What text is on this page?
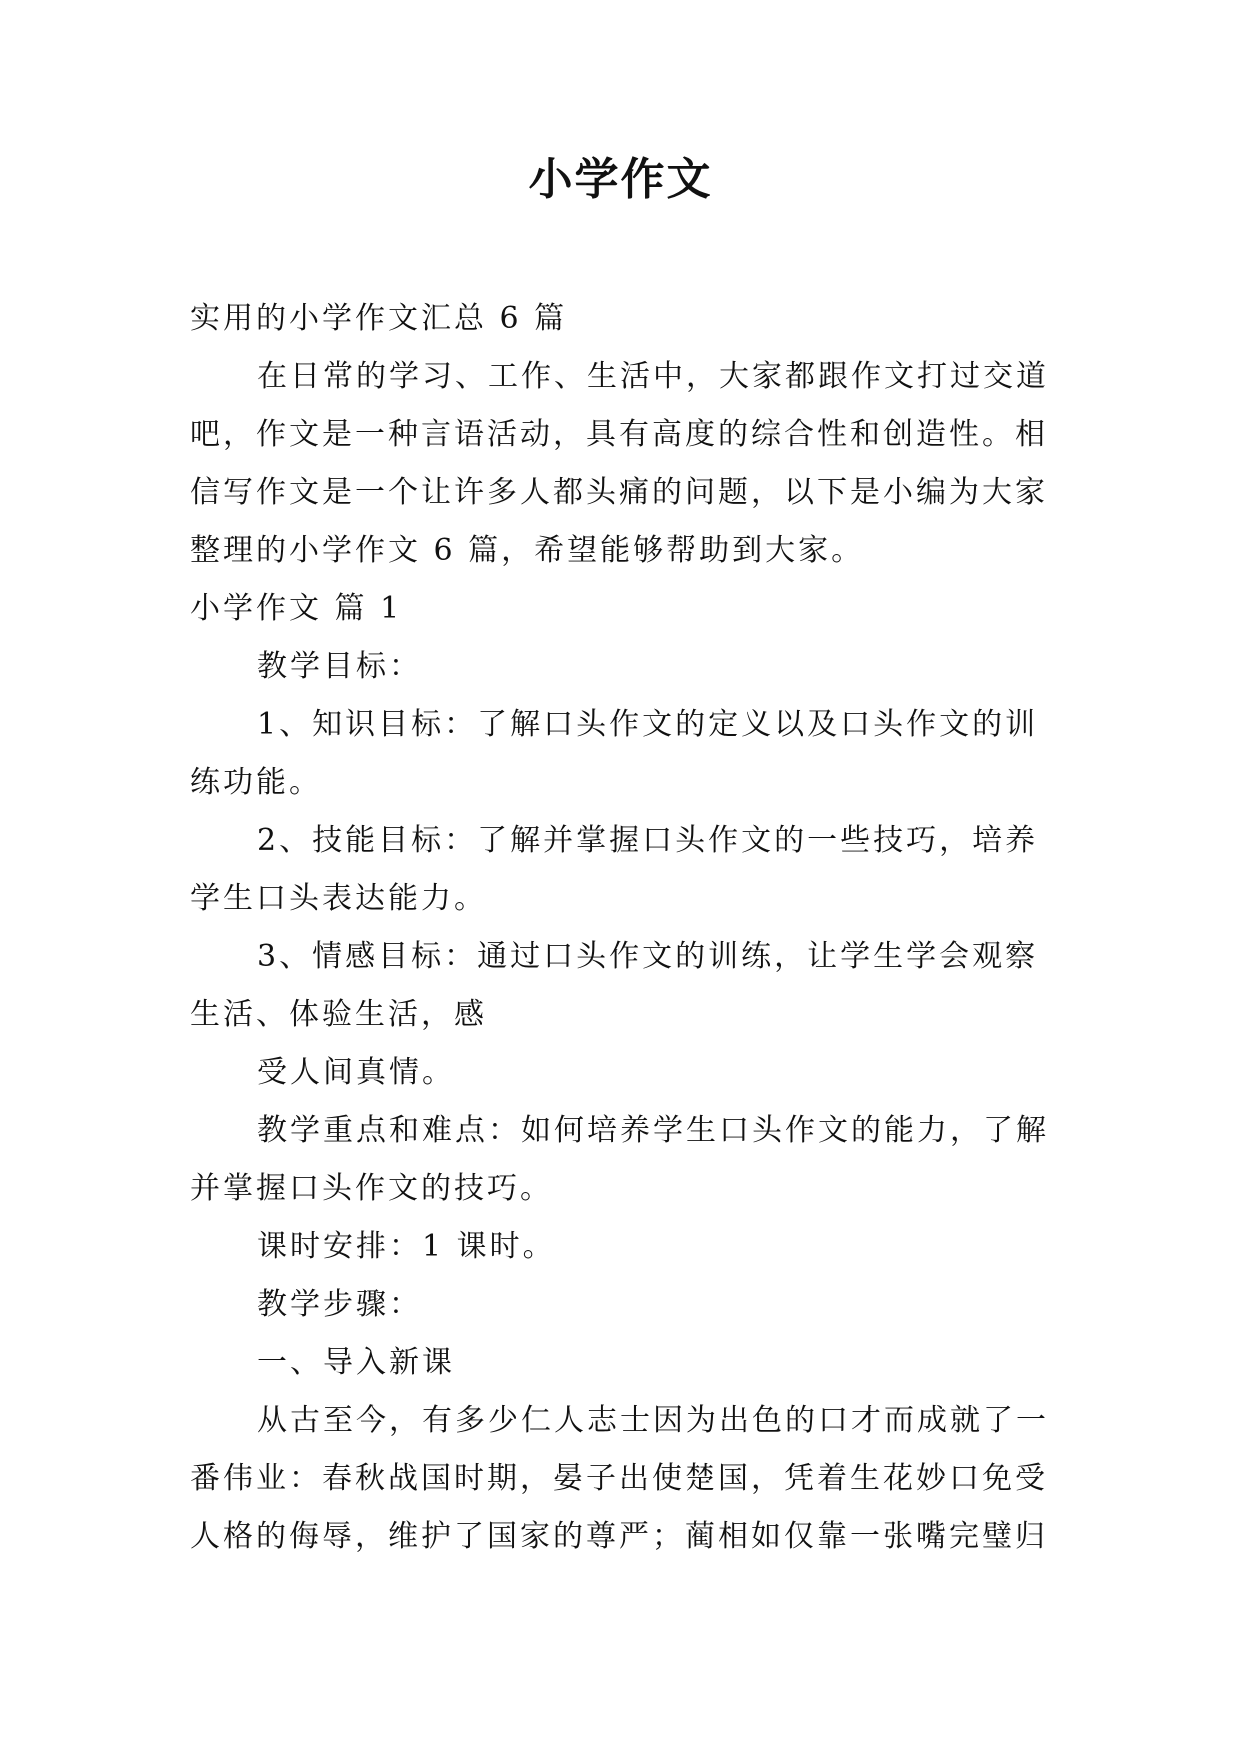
小学作文
实用的小学作文汇总 6 篇
在日常的学习、工作、生活中，大家都跟作文打过交道
吧，作文是一种言语活动，具有高度的综合性和创造性。相
信写作文是一个让许多人都头痛的问题，以下是小编为大家
整理的小学作文 6 篇，希望能够帮助到大家。
小学作文 篇 1
教学目标：
1、知识目标：了解口头作文的定义以及口头作文的训
练功能。
2、技能目标：了解并掌握口头作文的一些技巧，培养
学生口头表达能力。
3、情感目标：通过口头作文的训练，让学生学会观察
生活、体验生活，感
受人间真情。
教学重点和难点：如何培养学生口头作文的能力，了解
并掌握口头作文的技巧。
课时安排：1 课时。
教学步骤：
一、导入新课
从古至今，有多少仁人志士因为出色的口才而成就了一
番伟业：春秋战国时期，晏子出使楚国，凭着生花妙口免受
人格的侮辱，维护了国家的尊严；蔺相如仅靠一张嘴完璧归
